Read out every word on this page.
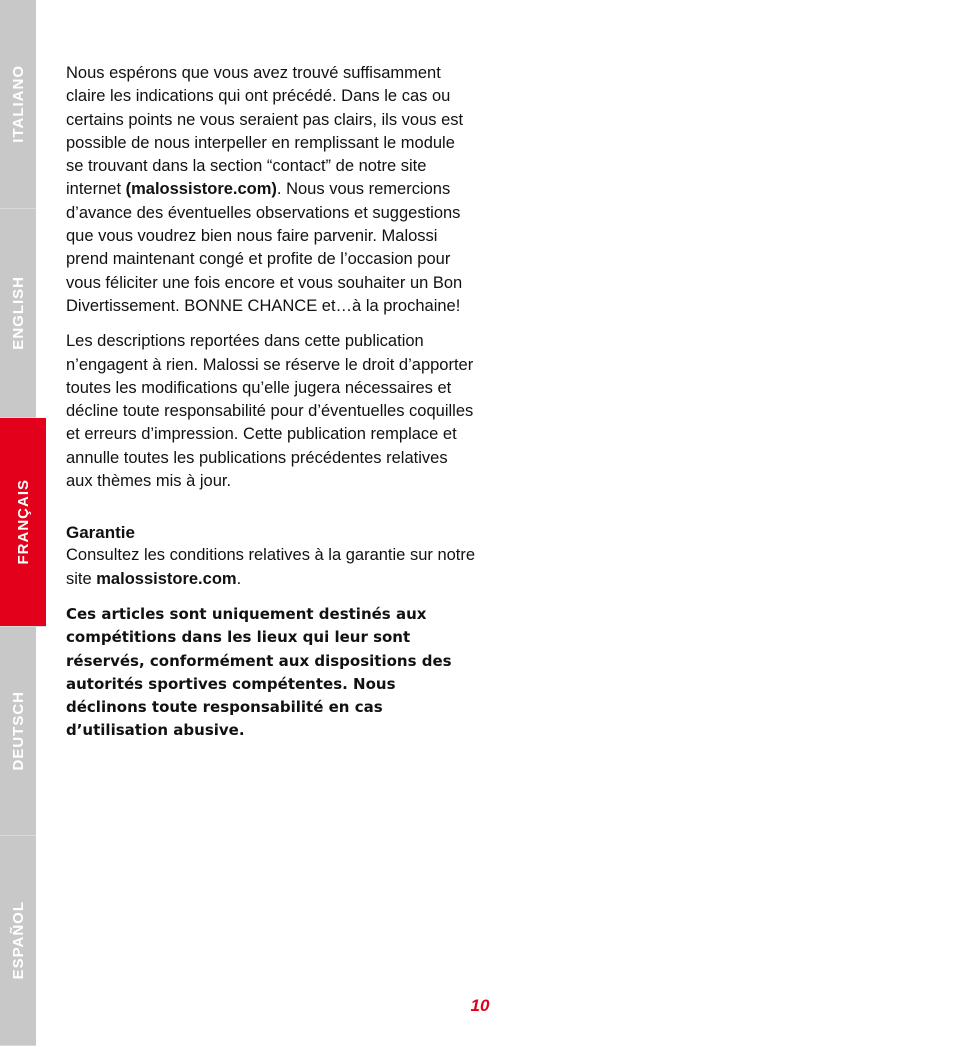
ITALIANO
ENGLISH
FRANÇAIS
DEUTSCH
ESPAÑOL

Nous espérons que vous avez trouvé suffisamment claire les indications qui ont précédé. Dans le cas ou certains points ne vous seraient pas clairs, ils vous est possible de nous interpeller en remplissant le module se trouvant dans la section “contact” de notre site internet (malossistore.com). Nous vous remercions d’avance des éventuelles observations et suggestions que vous voudrez bien nous faire parvenir. Malossi prend maintenant congé et profite de l’occasion pour vous féliciter une fois encore et vous souhaiter un Bon Divertissement. BONNE CHANCE et…à la prochaine!

Les descriptions reportées dans cette publication n’engagent à rien. Malossi se réserve le droit d’apporter toutes les modifications qu’elle jugera nécessaires et décline toute responsabilité pour d’éventuelles coquilles et erreurs d’impression. Cette publication remplace et annulle toutes les publications précédentes relatives aux thèmes mis à jour.

Garantie

Consultez les conditions relatives à la garantie sur notre site malossistore.com.

Ces articles sont uniquement destinés aux compétitions dans les lieux qui leur sont réservés, conformément aux dispositions des autorités sportives compétentes. Nous déclinons toute responsabilité en cas d’utilisation abusive.

10
